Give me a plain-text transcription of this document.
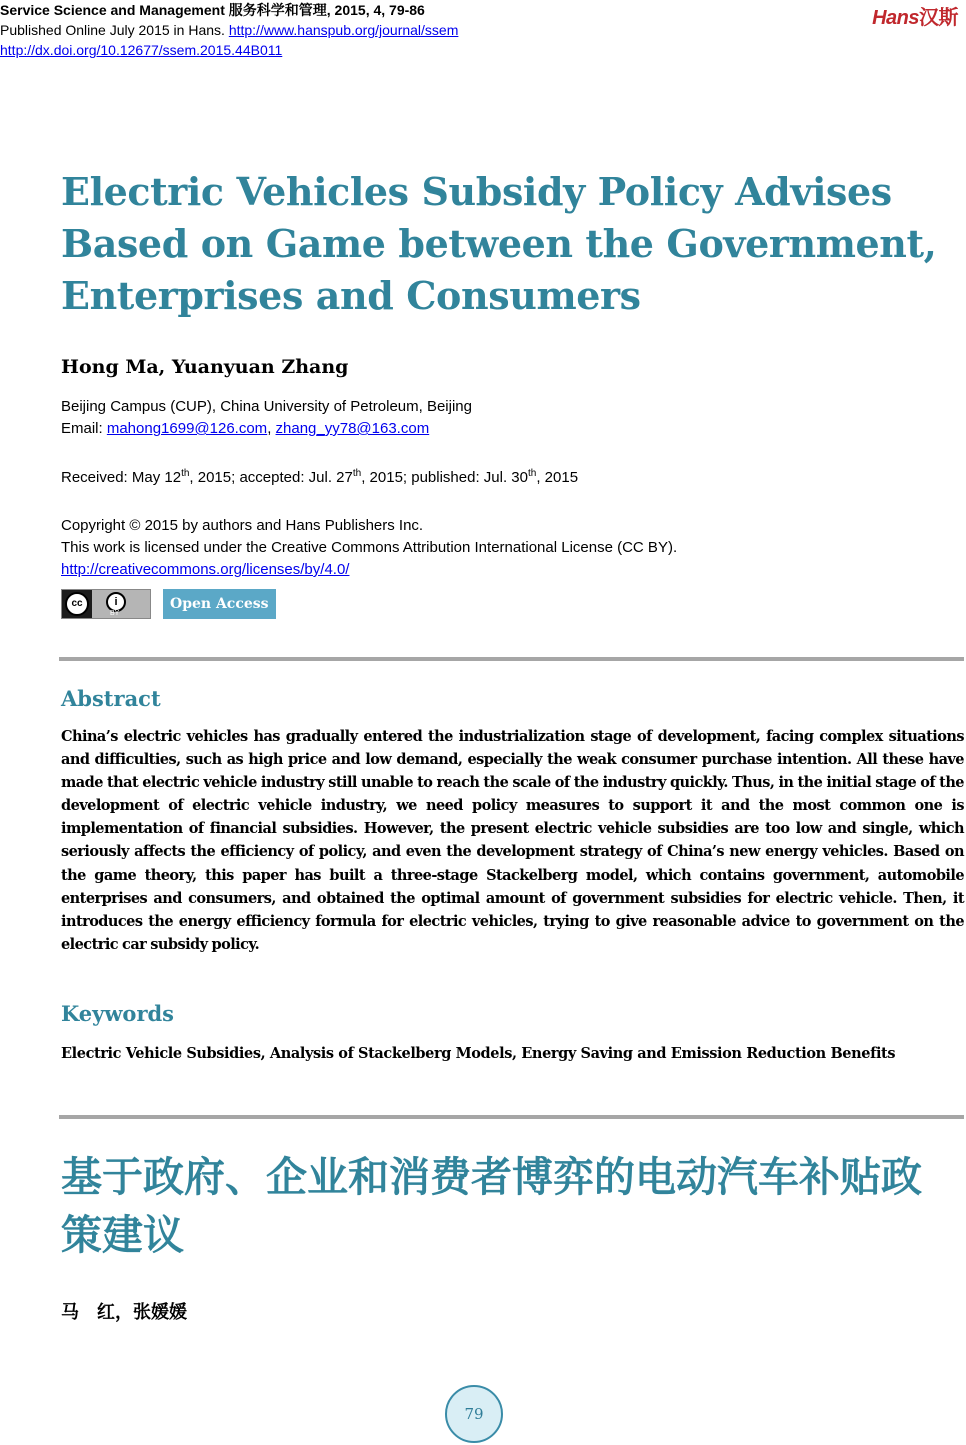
Service Science and Management 服务科学和管理, 2015, 4, 79-86
Published Online July 2015 in Hans. http://www.hanspub.org/journal/ssem
http://dx.doi.org/10.12677/ssem.2015.44B011
Hans汉斯
Electric Vehicles Subsidy Policy Advises Based on Game between the Government, Enterprises and Consumers
Hong Ma, Yuanyuan Zhang
Beijing Campus (CUP), China University of Petroleum, Beijing
Email: mahong1699@126.com, zhang_yy78@163.com
Received: May 12th, 2015; accepted: Jul. 27th, 2015; published: Jul. 30th, 2015
Copyright © 2015 by authors and Hans Publishers Inc.
This work is licensed under the Creative Commons Attribution International License (CC BY).
http://creativecommons.org/licenses/by/4.0/
cc	i
BY
Open Access
Abstract

China’s electric vehicles has gradually entered the industrialization stage of development, facing complex situations and difficulties, such as high price and low demand, especially the weak consumer purchase intention. All these have made that electric vehicle industry still unable to reach the scale of the industry quickly. Thus, in the initial stage of the development of electric vehicle industry, we need policy measures to support it and the most common one is implementation of financial subsidies. However, the present electric vehicle subsidies are too low and single, which seriously affects the efficiency of policy, and even the development strategy of China’s new energy vehicles. Based on the game theory, this paper has built a three-stage Stackelberg model, which contains government, automobile enterprises and consumers, and obtained the optimal amount of government subsidies for electric vehicle. Then, it introduces the energy efficiency formula for electric vehicles, trying to give reasonable advice to government on the electric car subsidy policy.

Keywords

Electric Vehicle Subsidies, Analysis of Stackelberg Models, Energy Saving and Emission Reduction Benefits

基于政府、企业和消费者博弈的电动汽车补贴政策建议
马　红，张媛媛
79
